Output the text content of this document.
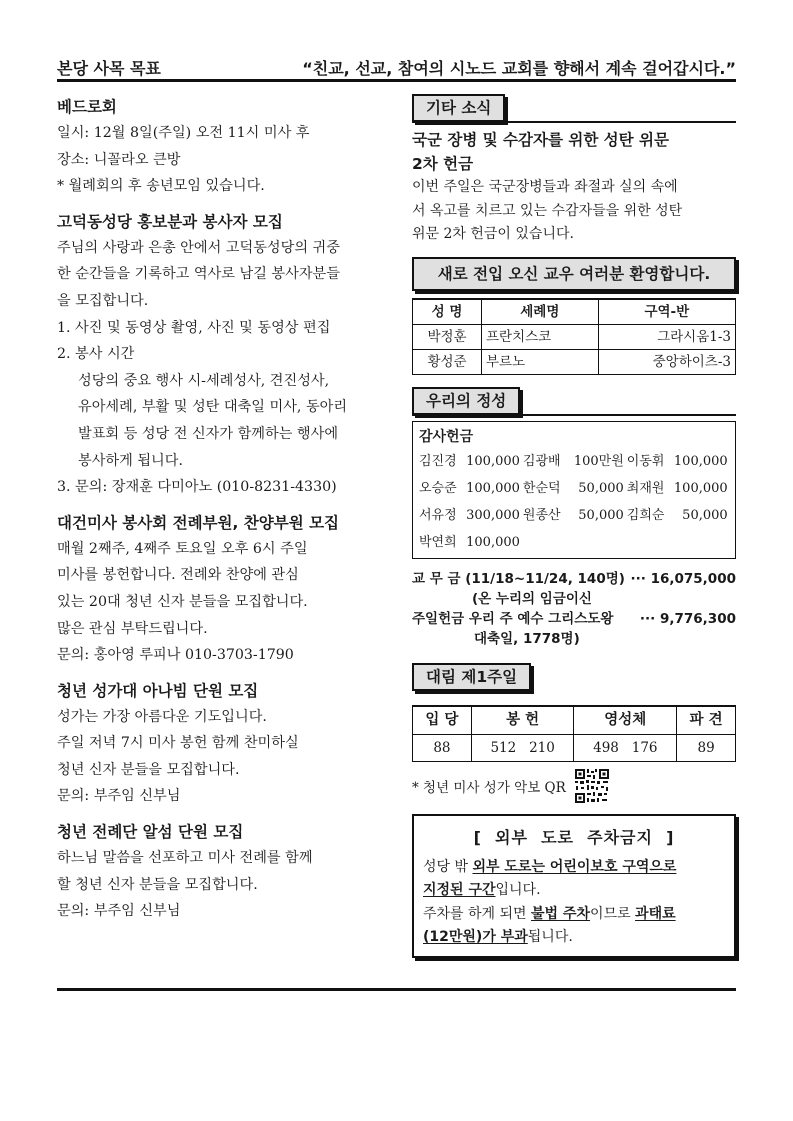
본당 사목 목표	“친교, 선교, 참여의 시노드 교회를 향해서 계속 걸어갑시다.”

베드로회

일시: 12월 8일(주일) 오전 11시 미사 후

장소: 니꼴라오 큰방

* 월례회의 후 송년모임 있습니다.

고덕동성당 홍보분과 봉사자 모집

주님의 사랑과 은총 안에서 고덕동성당의 귀중

한 순간들을 기록하고 역사로 남길 봉사자분들

을 모집합니다.

1. 사진 및 동영상 촬영, 사진 및 동영상 편집

2. 봉사 시간

성당의 중요 행사 시-세례성사, 견진성사,

유아세례, 부활 및 성탄 대축일 미사, 동아리

발표회 등 성당 전 신자가 함께하는 행사에

봉사하게 됩니다.

3. 문의: 장재훈 다미아노 (010-8231-4330)

대건미사 봉사회 전례부원, 찬양부원 모집

매월 2째주, 4째주 토요일 오후 6시 주일

미사를 봉헌합니다. 전례와 찬양에 관심

있는 20대 청년 신자 분들을 모집합니다.

많은 관심 부탁드립니다.

문의: 홍아영 루피나 010-3703-1790

청년 성가대 아나빔 단원 모집

성가는 가장 아름다운 기도입니다.

주일 저녁 7시 미사 봉헌 함께 찬미하실

청년 신자 분들을 모집합니다.

문의: 부주임 신부님

청년 전례단 알섬 단원 모집

하느님 말씀을 선포하고 미사 전례를 함께

할 청년 신자 분들을 모집합니다.

문의: 부주임 신부님

기타 소식

국군 장병 및 수감자를 위한 성탄 위문

2차 헌금

이번 주일은 국군장병들과 좌절과 실의 속에

서 옥고를 치르고 있는 수감자들을 위한 성탄

위문 2차 헌금이 있습니다.

새로 전입 오신 교우 여러분 환영합니다.
성 명	세례명	구역-반
박정훈	프란치스코	그라시움1-3
황성준	부르노	중앙하이츠-3
우리의 정성
감사헌금
김진경 100,000 김광배	100만원 이동휘 100,000
오승준 100,000 한순덕	50,000 최재원 100,000
서유정 300,000 원종산	50,000 김희순	50,000
박연희 100,000
교 무 금 (11/18~11/24, 140명) ··· 16,075,000
(온 누리의 임금이신
주일헌금 우리 주 예수 그리스도왕 ··· 9,776,300
대축일, 1778명)
대림 제1주일
입 당	봉 헌	영성체	파 견
88	512   210	498   176	89
* 청년 미사 성가 악보 QR
[  외부  도로  주차금지  ]
성당 밖 외부 도로는 어린이보호 구역으로
지정된 구간입니다.
주차를 하게 되면 불법 주차이므로 과태료
(12만원)가 부과됩니다.
